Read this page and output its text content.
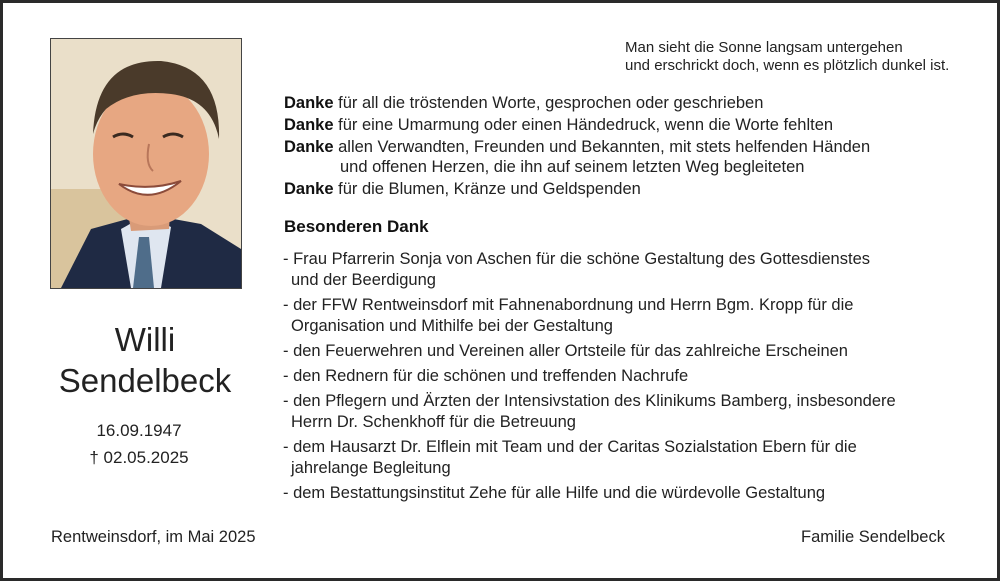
Willi
Sendelbeck
16.09.1947
† 02.05.2025
Man sieht die Sonne langsam untergehen
und erschrickt doch, wenn es plötzlich dunkel ist.
Danke für all die tröstenden Worte, gesprochen oder geschrieben
Danke für eine Umarmung oder einen Händedruck, wenn die Worte fehlten
Danke allen Verwandten, Freunden und Bekannten, mit stets helfenden Händen
und offenen Herzen, die ihn auf seinem letzten Weg begleiteten
Danke für die Blumen, Kränze und Geldspenden
Besonderen Dank
- Frau Pfarrerin Sonja von Aschen für die schöne Gestaltung des Gottesdienstes
und der Beerdigung
- der FFW Rentweinsdorf mit Fahnenabordnung und Herrn Bgm. Kropp für die
Organisation und Mithilfe bei der Gestaltung
- den Feuerwehren und Vereinen aller Ortsteile für das zahlreiche Erscheinen
- den Rednern für die schönen und treffenden Nachrufe
- den Pflegern und Ärzten der Intensivstation des Klinikums Bamberg, insbesondere
Herrn Dr. Schenkhoff für die Betreuung
- dem Hausarzt Dr. Elflein mit Team und der Caritas Sozialstation Ebern für die
jahrelange Begleitung
- dem Bestattungsinstitut Zehe für alle Hilfe und die würdevolle Gestaltung
Rentweinsdorf, im Mai 2025	Familie Sendelbeck
